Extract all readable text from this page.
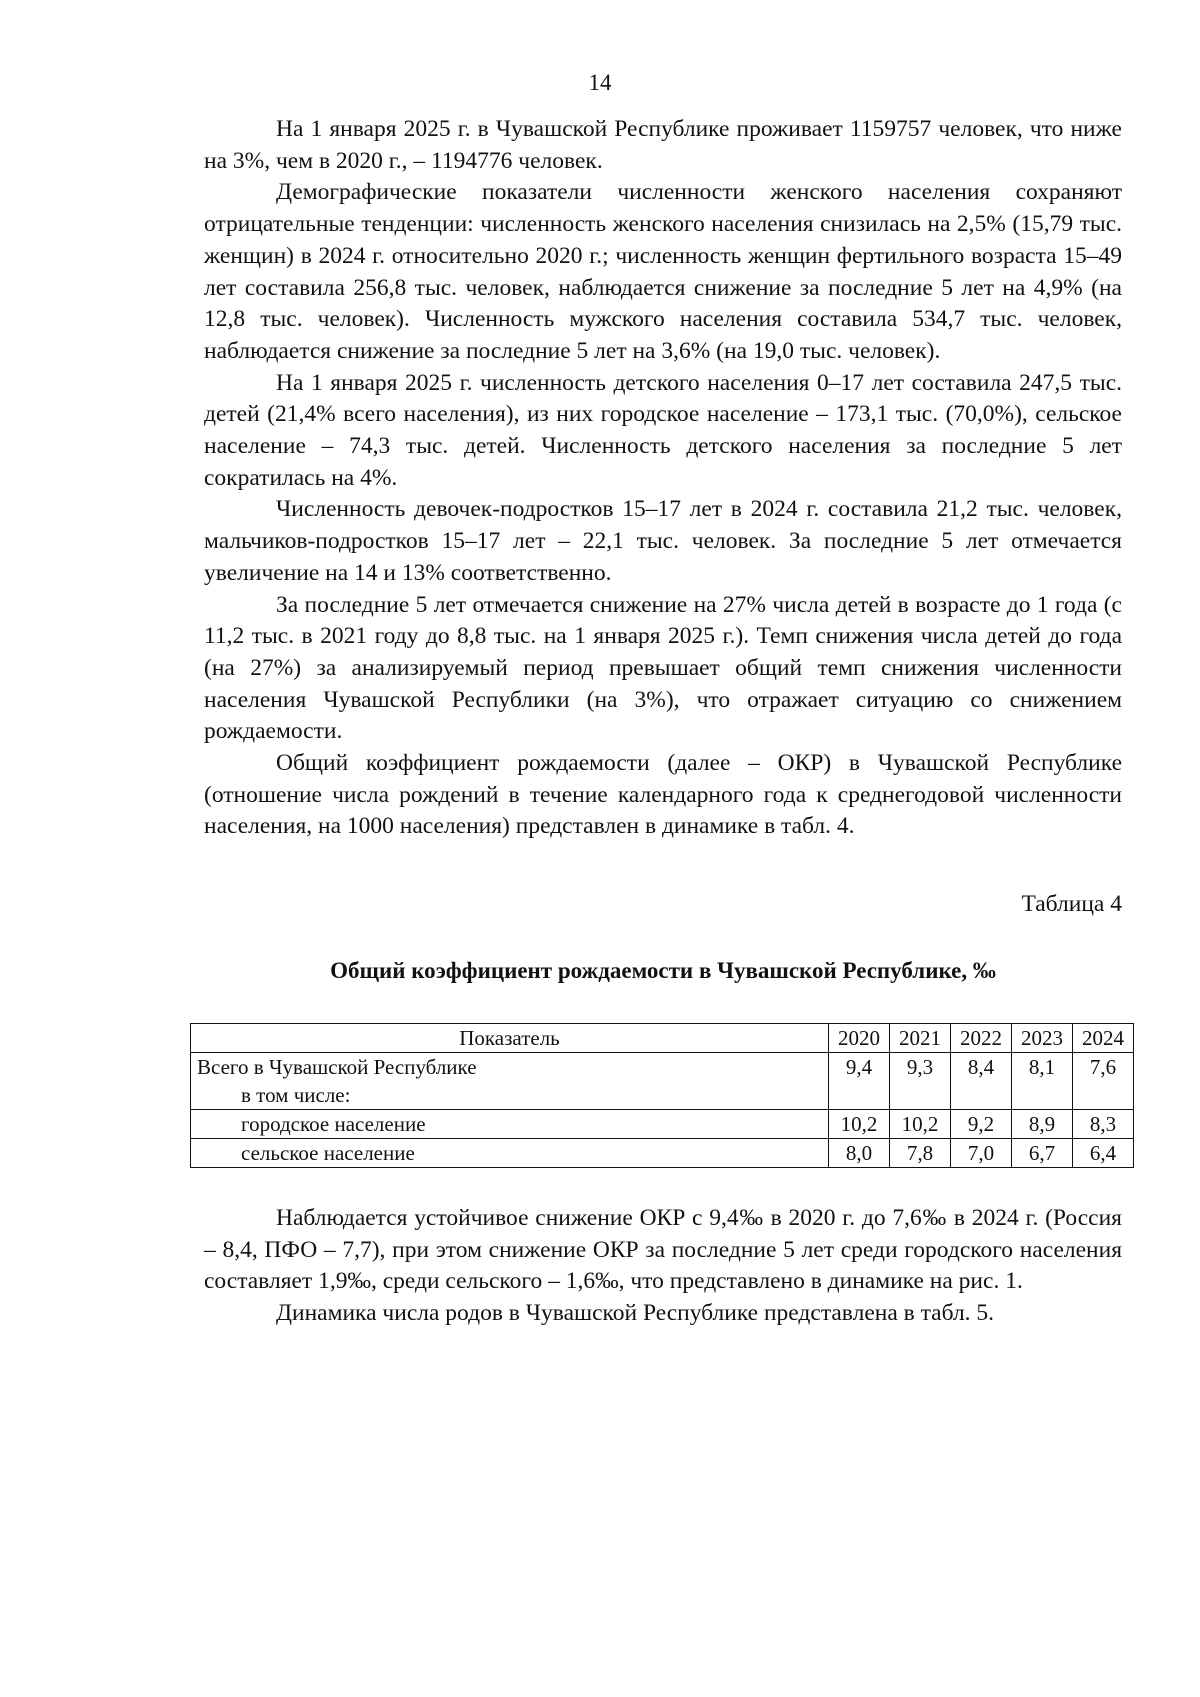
14

На 1 января 2025 г. в Чувашской Республике проживает 1159757 человек, что ниже на 3%, чем в 2020 г., – 1194776 человек.

Демографические показатели численности женского населения сохраняют отрицательные тенденции: численность женского населения снизилась на 2,5% (15,79 тыс. женщин) в 2024 г. относительно 2020 г.; численность женщин фертильного возраста 15–49 лет составила 256,8 тыс. человек, наблюдается снижение за последние 5 лет на 4,9% (на 12,8 тыс. человек). Численность мужского населения составила 534,7 тыс. человек, наблюдается снижение за последние 5 лет на 3,6% (на 19,0 тыс. человек).

На 1 января 2025 г. численность детского населения 0–17 лет составила 247,5 тыс. детей (21,4% всего населения), из них городское население – 173,1 тыс. (70,0%), сельское население – 74,3 тыс. детей. Численность детского населения за последние 5 лет сократилась на 4%.

Численность девочек-подростков 15–17 лет в 2024 г. составила 21,2 тыс. человек, мальчиков-подростков 15–17 лет – 22,1 тыс. человек. За последние 5 лет отмечается увеличение на 14 и 13% соответственно.

За последние 5 лет отмечается снижение на 27% числа детей в возрасте до 1 года (с 11,2 тыс. в 2021 году до 8,8 тыс. на 1 января 2025 г.). Темп снижения числа детей до года (на 27%) за анализируемый период превышает общий темп снижения численности населения Чувашской Республики (на 3%), что отражает ситуацию со снижением рождаемости.

Общий коэффициент рождаемости (далее – ОКР) в Чувашской Республике (отношение числа рождений в течение календарного года к среднегодовой численности населения, на 1000 населения) представлен в динамике в табл. 4.

Таблица 4
Общий коэффициент рождаемости в Чувашской Республике, ‰
Показатель	2020	2021	2022	2023	2024
Всего в Чувашской Республике
в том числе:	9,4	9,3	8,4	8,1	7,6
городское население	10,2	10,2	9,2	8,9	8,3
сельское население	8,0	7,8	7,0	6,7	6,4

Наблюдается устойчивое снижение ОКР с 9,4‰ в 2020 г. до 7,6‰ в 2024 г. (Россия – 8,4, ПФО – 7,7), при этом снижение ОКР за последние 5 лет среди городского населения составляет 1,9‰, среди сельского – 1,6‰, что представлено в динамике на рис. 1.

Динамика числа родов в Чувашской Республике представлена в табл. 5.
